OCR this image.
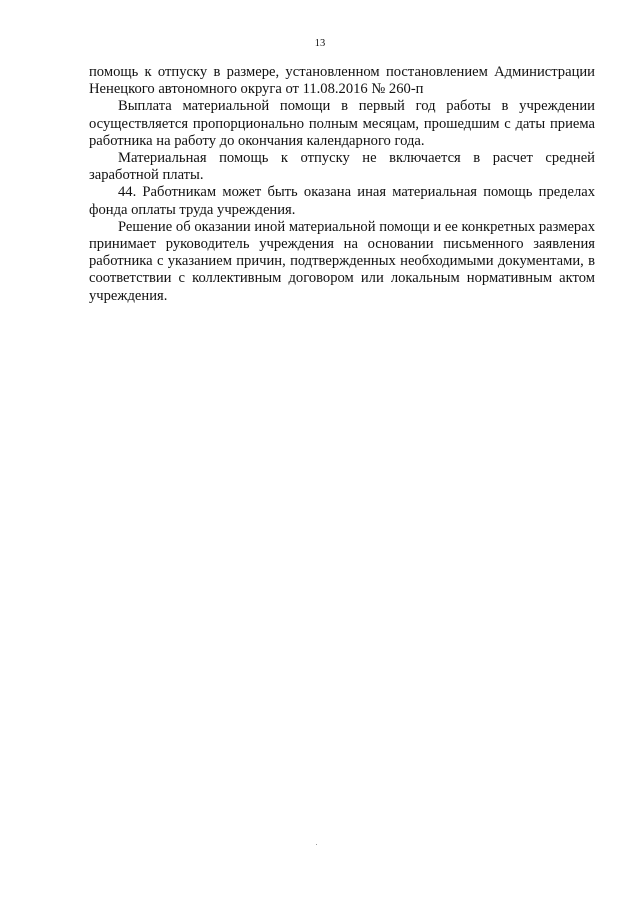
13

помощь к отпуску в размере, установленном постановлением Администрации Ненецкого автономного округа от 11.08.2016 № 260-п

Выплата материальной помощи в первый год работы в учреждении осуществляется пропорционально полным месяцам, прошедшим с даты приема работника на работу до окончания календарного года.

Материальная помощь к отпуску не включается в расчет средней заработной платы.

44. Работникам может быть оказана иная материальная помощь пределах фонда оплаты труда учреждения.

Решение об оказании иной материальной помощи и ее конкретных размерах принимает руководитель учреждения на основании письменного заявления работника с указанием причин, подтвержденных необходимыми документами, в соответствии с коллективным договором или локальным нормативным актом учреждения.
